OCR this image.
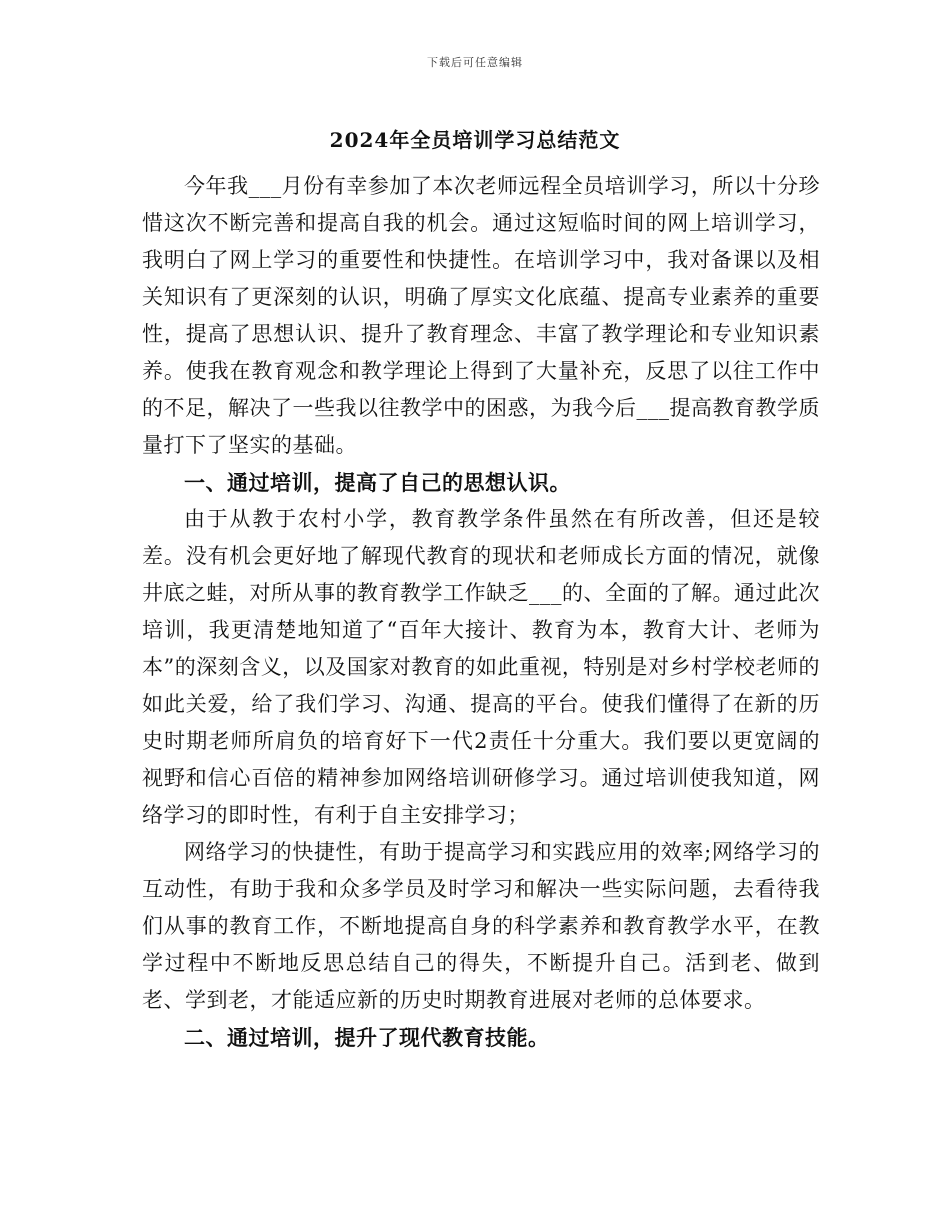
下载后可任意编辑
2024年全员培训学习总结范文

今年我___月份有幸参加了本次老师远程全员培训学习，所以十分珍惜这次不断完善和提高自我的机会。通过这短临时间的网上培训学习，我明白了网上学习的重要性和快捷性。在培训学习中，我对备课以及相关知识有了更深刻的认识，明确了厚实文化底蕴、提高专业素养的重要性，提高了思想认识、提升了教育理念、丰富了教学理论和专业知识素养。使我在教育观念和教学理论上得到了大量补充，反思了以往工作中的不足，解决了一些我以往教学中的困惑，为我今后___提高教育教学质量打下了坚实的基础。

一、通过培训，提高了自己的思想认识。

由于从教于农村小学，教育教学条件虽然在有所改善，但还是较差。没有机会更好地了解现代教育的现状和老师成长方面的情况，就像井底之蛙，对所从事的教育教学工作缺乏___的、全面的了解。通过此次培训，我更清楚地知道了“百年大接计、教育为本，教育大计、老师为本”的深刻含义，以及国家对教育的如此重视，特别是对乡村学校老师的如此关爱，给了我们学习、沟通、提高的平台。使我们懂得了在新的历史时期老师所肩负的培育好下一代2责任十分重大。我们要以更宽阔的视野和信心百倍的精神参加网络培训研修学习。通过培训使我知道，网络学习的即时性，有利于自主安排学习；

网络学习的快捷性，有助于提高学习和实践应用的效率;网络学习的互动性，有助于我和众多学员及时学习和解决一些实际问题，去看待我们从事的教育工作，不断地提高自身的科学素养和教育教学水平，在教学过程中不断地反思总结自己的得失，不断提升自己。活到老、做到老、学到老，才能适应新的历史时期教育进展对老师的总体要求。

二、通过培训，提升了现代教育技能。
